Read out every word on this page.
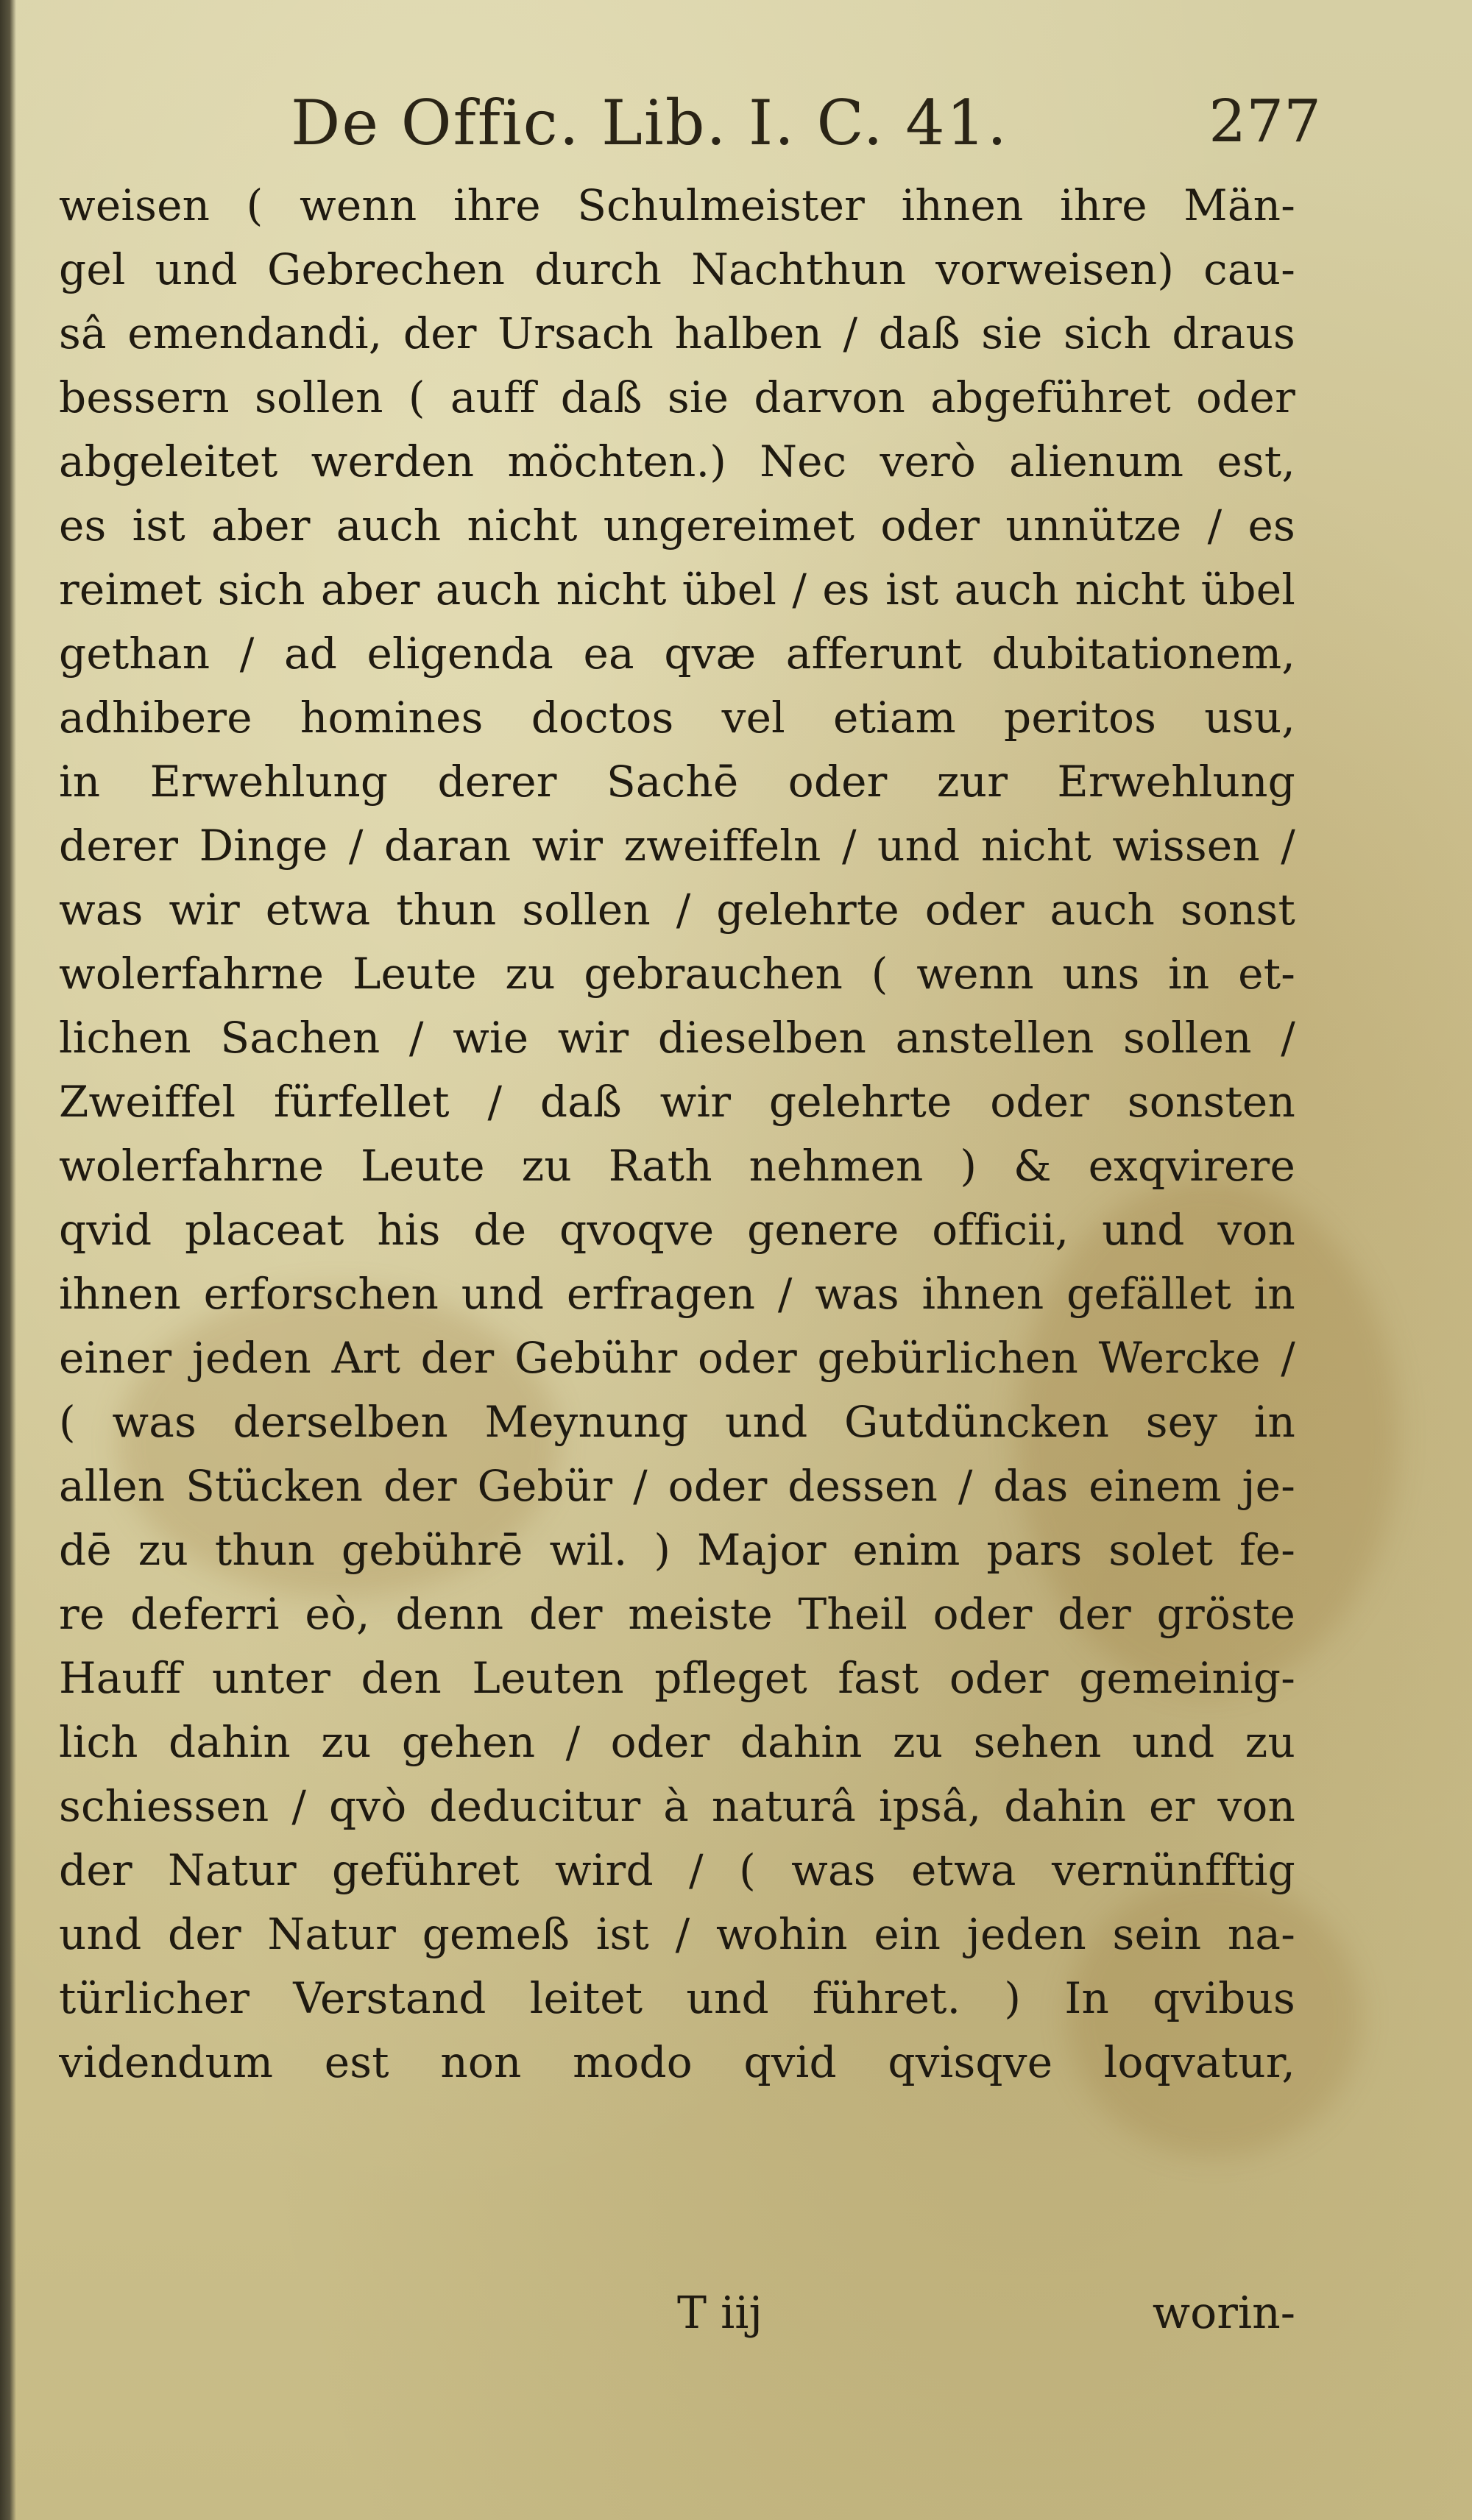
De Offic. Lib. I. C. 41.	277
weisen ( wenn ihre Schulmeister ihnen ihre Män-
gel und Gebrechen durch Nachthun vorweisen) cau-
sâ emendandi, der Ursach halben / daß sie sich draus
bessern sollen ( auff daß sie darvon abgeführet oder
abgeleitet werden möchten.) Nec verò alienum est,
es ist aber auch nicht ungereimet oder unnütze / es
reimet sich aber auch nicht übel / es ist auch nicht übel
gethan / ad eligenda ea qvæ afferunt dubitationem,
adhibere homines doctos vel etiam peritos usu,
in Erwehlung derer Sachē oder zur Erwehlung
derer Dinge / daran wir zweiffeln / und nicht wissen /
was wir etwa thun sollen / gelehrte oder auch sonst
wolerfahrne Leute zu gebrauchen ( wenn uns in et-
lichen Sachen / wie wir dieselben anstellen sollen /
Zweiffel fürfellet / daß wir gelehrte oder sonsten
wolerfahrne Leute zu Rath nehmen ) & exqvirere
qvid placeat his de qvoqve genere officii, und von
ihnen erforschen und erfragen / was ihnen gefället in
einer jeden Art der Gebühr oder gebürlichen Wercke /
( was derselben Meynung und Gutdüncken sey in
allen Stücken der Gebür / oder dessen / das einem je-
dē zu thun gebührē wil. ) Major enim pars solet fe-
re deferri eò, denn der meiste Theil oder der gröste
Hauff unter den Leuten pfleget fast oder gemeinig-
lich dahin zu gehen / oder dahin zu sehen und zu
schiessen / qvò deducitur à naturâ ipsâ, dahin er von
der Natur geführet wird / ( was etwa vernünfftig
und der Natur gemeß ist / wohin ein jeden sein na-
türlicher Verstand leitet und führet. ) In qvibus
videndum est non modo qvid qvisqve loqvatur,
T iij	worin-
